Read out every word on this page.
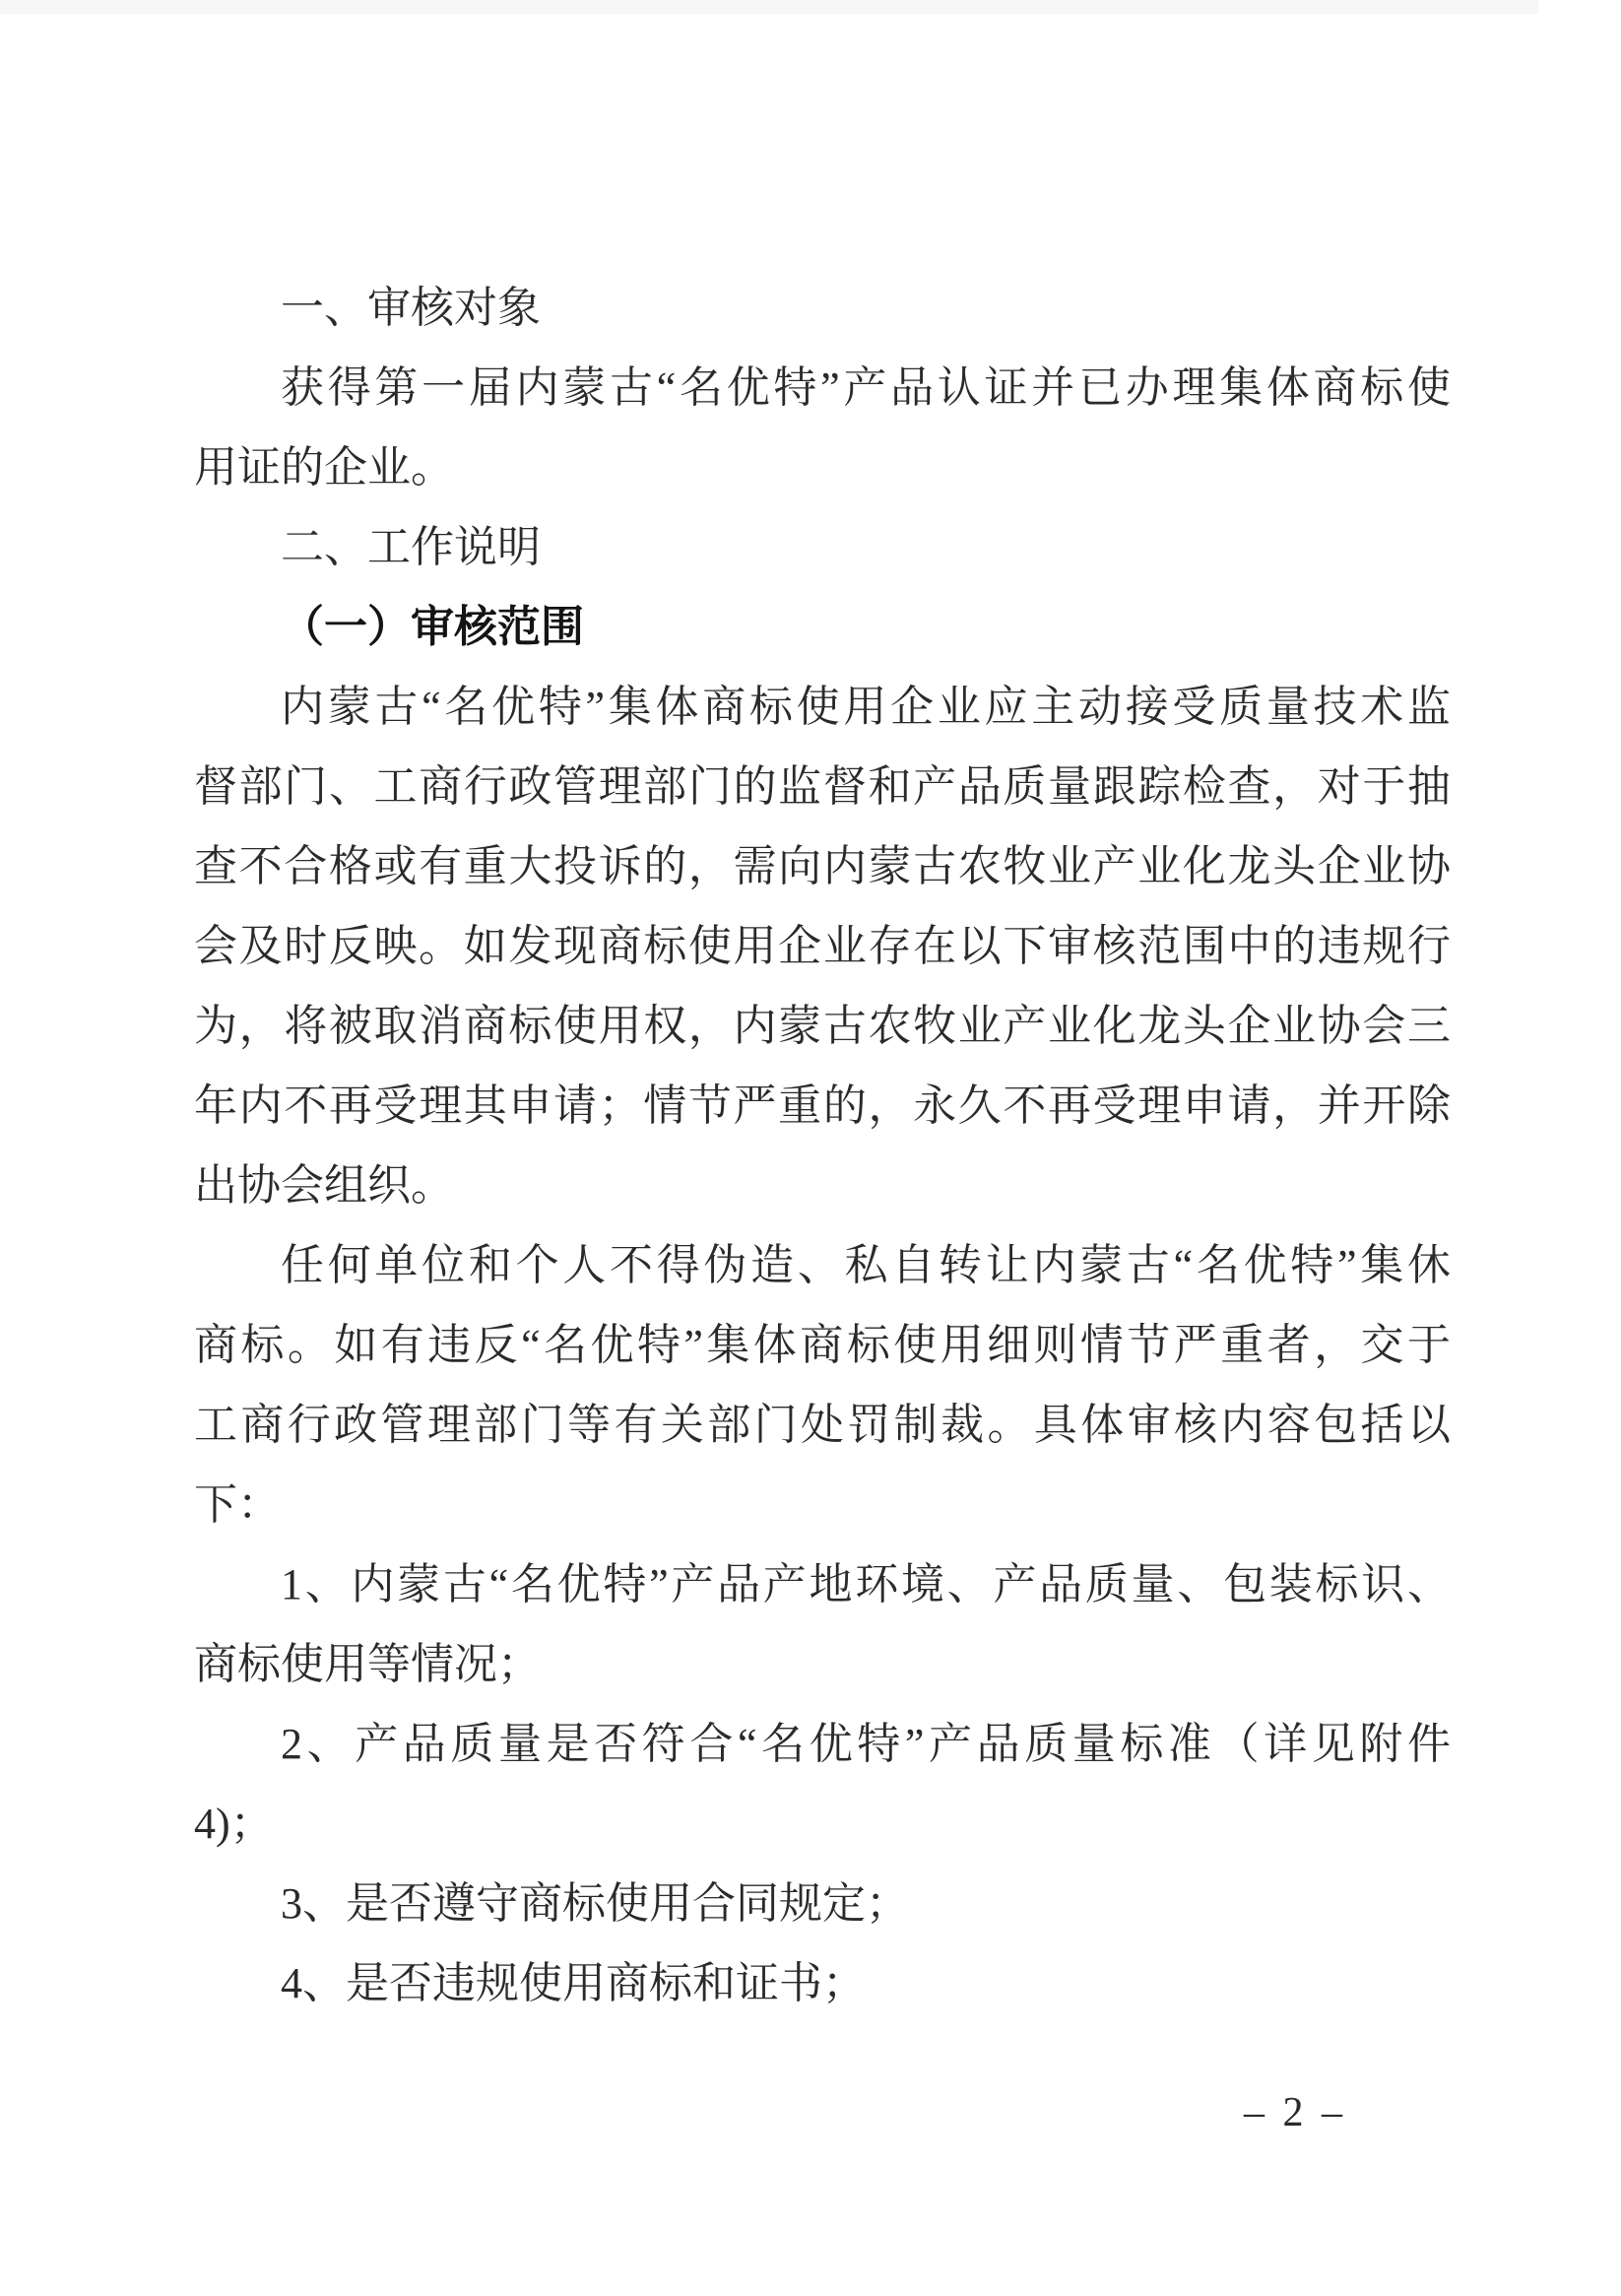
一、审核对象
获得第一届内蒙古“名优特”产品认证并已办理集体商标使
用证的企业。
二、工作说明
（一）审核范围
内蒙古“名优特”集体商标使用企业应主动接受质量技术监
督部门、工商行政管理部门的监督和产品质量跟踪检查，对于抽
查不合格或有重大投诉的，需向内蒙古农牧业产业化龙头企业协
会及时反映。如发现商标使用企业存在以下审核范围中的违规行
为，将被取消商标使用权，内蒙古农牧业产业化龙头企业协会三
年内不再受理其申请；情节严重的，永久不再受理申请，并开除
出协会组织。
任何单位和个人不得伪造、私自转让内蒙古“名优特”集休
商标。如有违反“名优特”集体商标使用细则情节严重者，交于
工商行政管理部门等有关部门处罚制裁。具体审核内容包括以
下：
1、内蒙古“名优特”产品产地环境、产品质量、包装标识、
商标使用等情况；
2、产品质量是否符合“名优特”产品质量标准（详见附件
4)；
3、是否遵守商标使用合同规定；
4、是否违规使用商标和证书；
– 2 –
